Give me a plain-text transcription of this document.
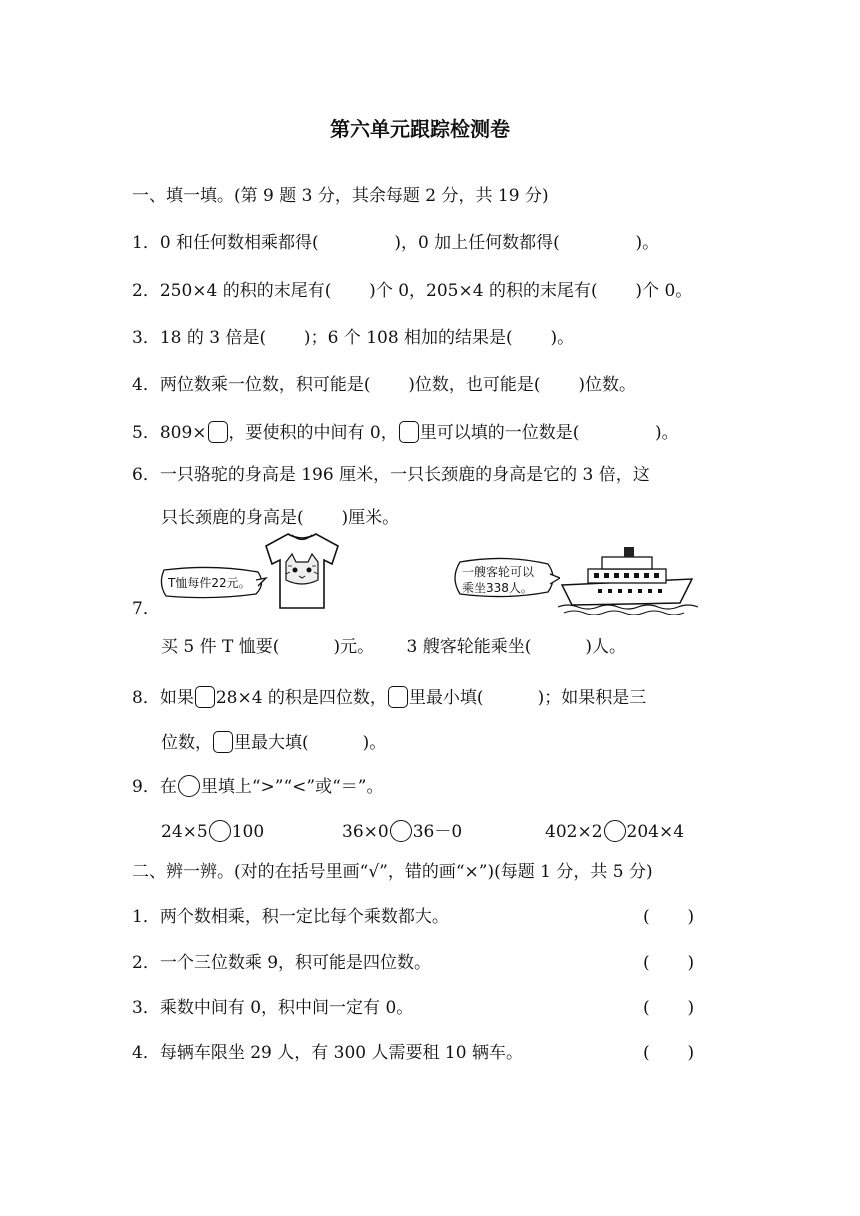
第六单元跟踪检测卷
一、填一填。(第 9 题 3 分，其余每题 2 分，共 19 分)
1．0 和任何数相乘都得(              )，0 加上任何数都得(              )。
2．250×4 的积的末尾有(       )个 0，205×4 的积的末尾有(       )个 0。
3．18 的 3 倍是(       )；6 个 108 相加的结果是(       )。
4．两位数乘一位数，积可能是(       )位数，也可能是(       )位数。
5．809× ，要使积的中间有 0， 里可以填的一位数是(              )。
6．一只骆驼的身高是 196 厘米，一只长颈鹿的身高是它的 3 倍，这
只长颈鹿的身高是(       )厘米。
7．
T恤每件22元。
一艘客轮可以
乘坐338人。
买 5 件 T 恤要(          )元。      3 艘客轮能乘坐(          )人。
8．如果 28×4 的积是四位数， 里最小填(          )；如果积是三
位数， 里最大填(          )。
9．在 里填上“>”“<”或“＝”。
24×5 100	36×0 36－0	402×2 204×4
二、辨一辨。(对的在括号里画“√”，错的画“×”)(每题 1 分，共 5 分)
1．两个数相乘，积一定比每个乘数都大。	(       )
2．一个三位数乘 9，积可能是四位数。	(       )
3．乘数中间有 0，积中间一定有 0。	(       )
4．每辆车限坐 29 人，有 300 人需要租 10 辆车。	(       )
